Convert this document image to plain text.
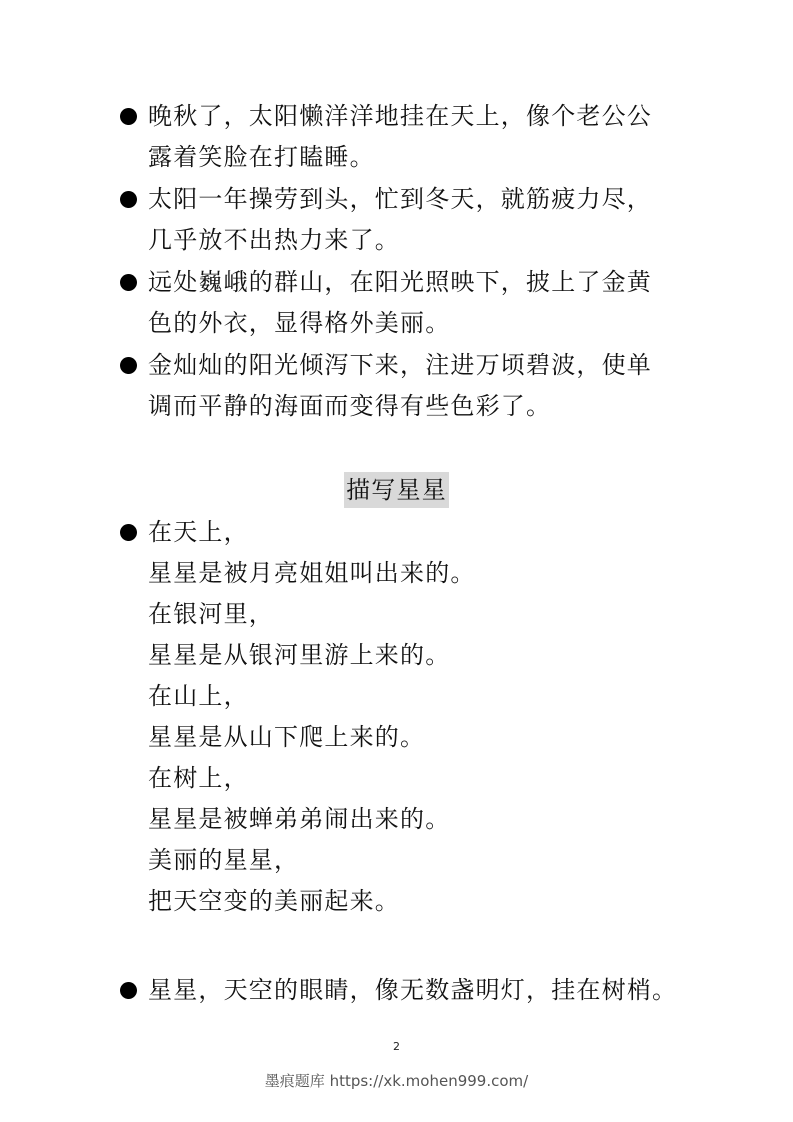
晚秋了，太阳懒洋洋地挂在天上，像个老公公
露着笑脸在打瞌睡。
太阳一年操劳到头，忙到冬天，就筋疲力尽，
几乎放不出热力来了。
远处巍峨的群山，在阳光照映下，披上了金黄
色的外衣，显得格外美丽。
金灿灿的阳光倾泻下来，注进万顷碧波，使单
调而平静的海面而变得有些色彩了。
描写星星
在天上，
星星是被月亮姐姐叫出来的。
在银河里，
星星是从银河里游上来的。
在山上，
星星是从山下爬上来的。
在树上，
星星是被蝉弟弟闹出来的。
美丽的星星，
把天空变的美丽起来。
星星，天空的眼睛，像无数盏明灯，挂在树梢。
2
墨痕题库 https://xk.mohen999.com/
